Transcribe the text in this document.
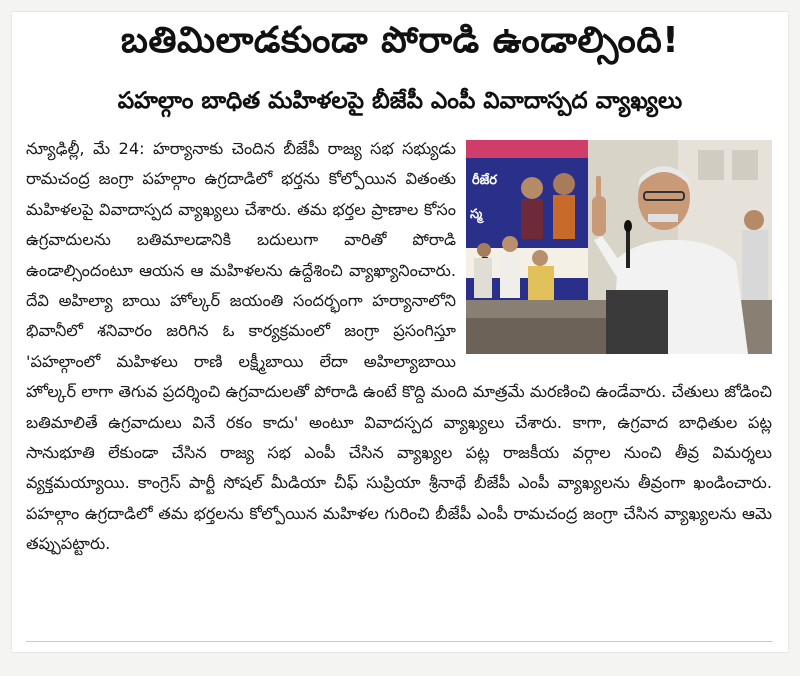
బతిమిలాడకుండా పోరాడి ఉండాల్సింది!
పహల్గాం బాధిత మహిళలపై బీజేపీ ఎంపీ వివాదాస్పద వ్యాఖ్యలు
రీజేర
స్మ

న్యూఢిల్లీ, మే 24: హర్యానాకు చెందిన బీజేపీ రాజ్య సభ సభ్యుడు రామచంద్ర జంగ్రా పహల్గాం ఉగ్రదాడిలో భర్తను కోల్పోయిన వితంతు మహిళలపై వివాదాస్పద వ్యాఖ్యలు చేశారు. తమ భర్తల ప్రాణాల కోసం ఉగ్రవాదులను బతిమాలడానికి బదులుగా వారితో పోరాడి ఉండాల్సిందంటూ ఆయన ఆ మహిళలను ఉద్దేశించి వ్యాఖ్యానించారు. దేవి అహిల్యా బాయి హోల్కర్ జయంతి సందర్భంగా హర్యానాలోని భివానీలో శనివారం జరిగిన ఓ కార్యక్రమంలో జంగ్రా ప్రసంగిస్తూ 'పహల్గాంలో మహిళలు రాణి లక్ష్మీబాయి లేదా అహిల్యాబాయి హోల్కర్ లాగా తెగువ ప్రదర్శించి ఉగ్రవాదులతో పోరాడి ఉంటే కొద్ది మంది మాత్రమే మరణించి ఉండేవారు. చేతులు జోడించి బతిమాలితే ఉగ్రవాదులు వినే రకం కాదు' అంటూ వివాదస్పద వ్యాఖ్యలు చేశారు. కాగా, ఉగ్రవాద బాధితుల పట్ల సానుభూతి లేకుండా చేసిన రాజ్య సభ ఎంపీ చేసిన వ్యాఖ్యల పట్ల రాజకీయ వర్గాల నుంచి తీవ్ర విమర్శలు వ్యక్తమయ్యాయి. కాంగ్రెస్ పార్టీ సోషల్ మీడియా చీఫ్ సుప్రియా శ్రీనాథే బీజేపీ ఎంపీ వ్యాఖ్యలను తీవ్రంగా ఖండించారు. పహల్గాం ఉగ్రదాడిలో తమ భర్తలను కోల్పోయిన మహిళల గురించి బీజేపీ ఎంపీ రామచంద్ర జంగ్రా చేసిన వ్యాఖ్యలను ఆమె తప్పుపట్టారు.
